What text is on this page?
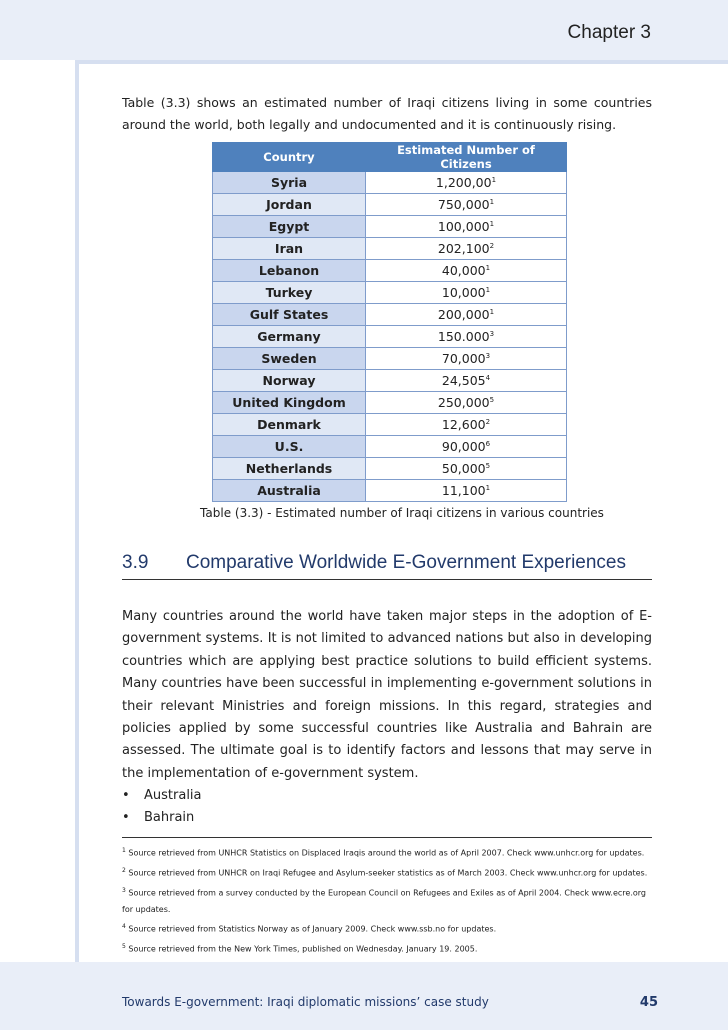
Chapter 3

Table (3.3) shows an estimated number of Iraqi citizens living in some countries around the world, both legally and undocumented and it is continuously rising.

Country	Estimated Number of Citizens
Syria	1,200,00$^1$
Jordan	750,000$^1$
Egypt	100,000$^1$
Iran	202,100$^2$
Lebanon	40,000$^1$
Turkey	10,000$^1$
Gulf States	200,000$^1$
Germany	150.000$^3$
Sweden	70,000$^3$
Norway	24,505$^4$
United Kingdom	250,000$^5$
Denmark	12,600$^2$
U.S.	90,000$^6$
Netherlands	50,000$^5$
Australia	11,100$^1$
Table (3.3) - Estimated number of Iraqi citizens in various countries
3.9	Comparative Worldwide E-Government Experiences
Many countries around the world have taken major steps in the adoption of E-government systems. It is not limited to advanced nations but also in developing countries which are applying best practice solutions to build efficient systems. Many countries have been successful in implementing e-government solutions in their relevant Ministries and foreign missions. In this regard, strategies and policies applied by some successful countries like Australia and Bahrain are assessed. The ultimate goal is to identify factors and lessons that may serve in the implementation of e-government system.
• Australia
• Bahrain
$^1$ Source retrieved from UNHCR Statistics on Displaced Iraqis around the world as of April 2007. Check www.unhcr.org for updates.
$^2$ Source retrieved from UNHCR on Iraqi Refugee and Asylum-seeker statistics as of March 2003. Check www.unhcr.org for updates.
$^3$ Source retrieved from a survey conducted by the European Council on Refugees and Exiles as of April 2004. Check www.ecre.org for updates.
$^4$ Source retrieved from Statistics Norway as of January 2009. Check www.ssb.no for updates.
$^5$ Source retrieved from the New York Times, published on Wednesday. January 19. 2005.
Towards E-government: Iraqi diplomatic missions’ case study	45
